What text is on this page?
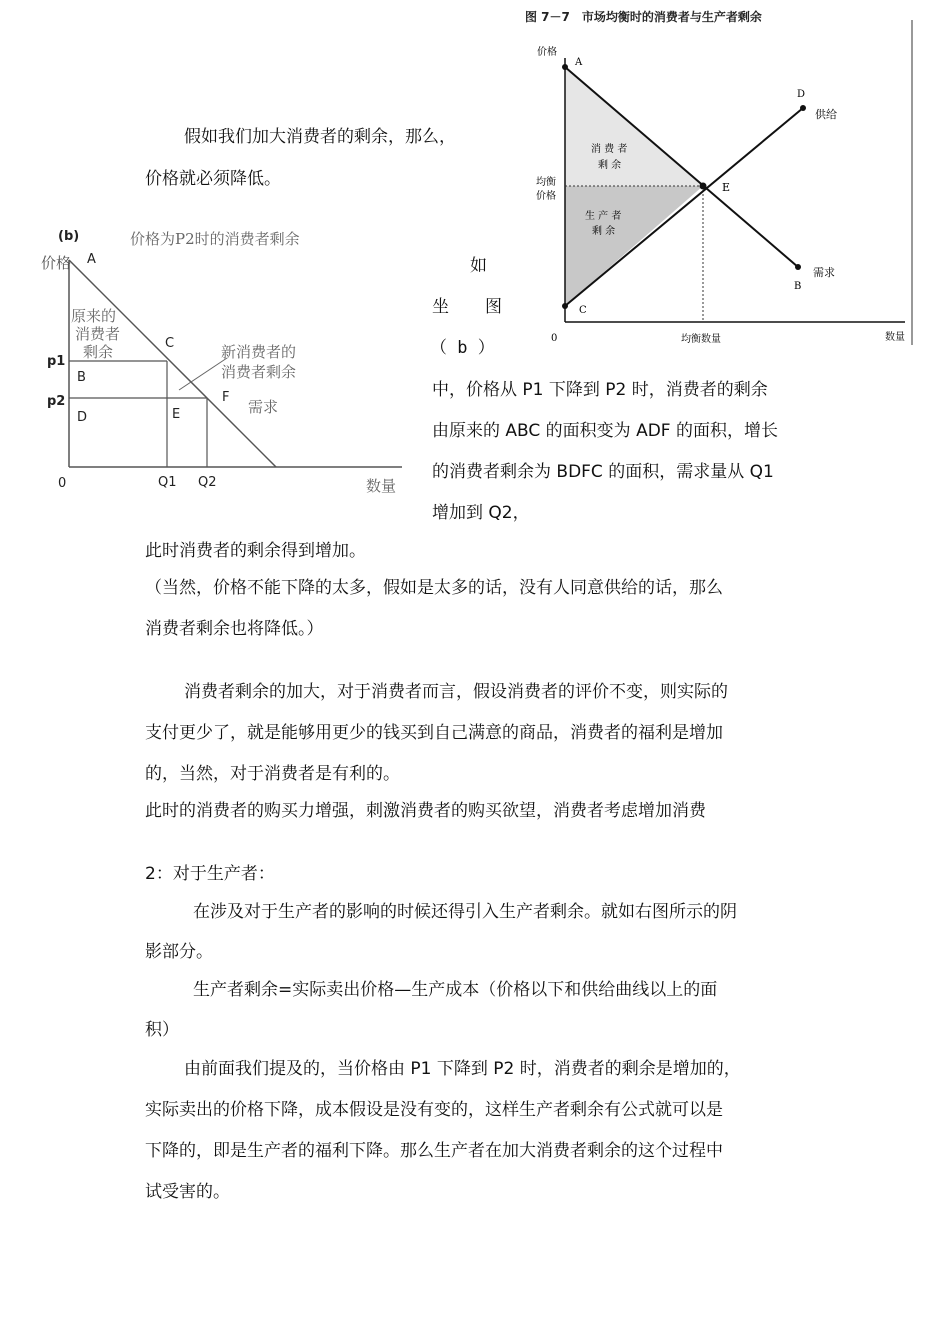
图 7－7　市场均衡时的消费者与生产者剩余
价格
数量
0
均衡
价格
均衡数量
A
C
E
D
B
供给
需求
消 费 者
剩 余
生 产 者
剩 余
(b)	价格为P2时的消费者剩余
价格 A
原来的
消费者
剩余	C
p1
p2
B
D	E
F
新消费者的
消费者剩余
需求
0	Q1 Q2	数量
假如我们加大消费者的剩余，那么，
价格就必须降低。
如
坐 图
（ b ）
中，价格从 P1 下降到 P2 时，消费者的剩余
由原来的 ABC 的面积变为 ADF 的面积，增长
的消费者剩余为 BDFC 的面积，需求量从 Q1
增加到 Q2，
此时消费者的剩余得到增加。
（当然，价格不能下降的太多，假如是太多的话，没有人同意供给的话，那么
消费者剩余也将降低。）
消费者剩余的加大，对于消费者而言，假设消费者的评价不变，则实际的
支付更少了，就是能够用更少的钱买到自己满意的商品，消费者的福利是增加
的，当然，对于消费者是有利的。
此时的消费者的购买力增强，刺激消费者的购买欲望，消费者考虑增加消费
2：对于生产者：
在涉及对于生产者的影响的时候还得引入生产者剩余。就如右图所示的阴
影部分。
生产者剩余=实际卖出价格—生产成本（价格以下和供给曲线以上的面
积）
由前面我们提及的，当价格由 P1 下降到 P2 时，消费者的剩余是增加的，
实际卖出的价格下降，成本假设是没有变的，这样生产者剩余有公式就可以是
下降的，即是生产者的福利下降。那么生产者在加大消费者剩余的这个过程中
试受害的。
